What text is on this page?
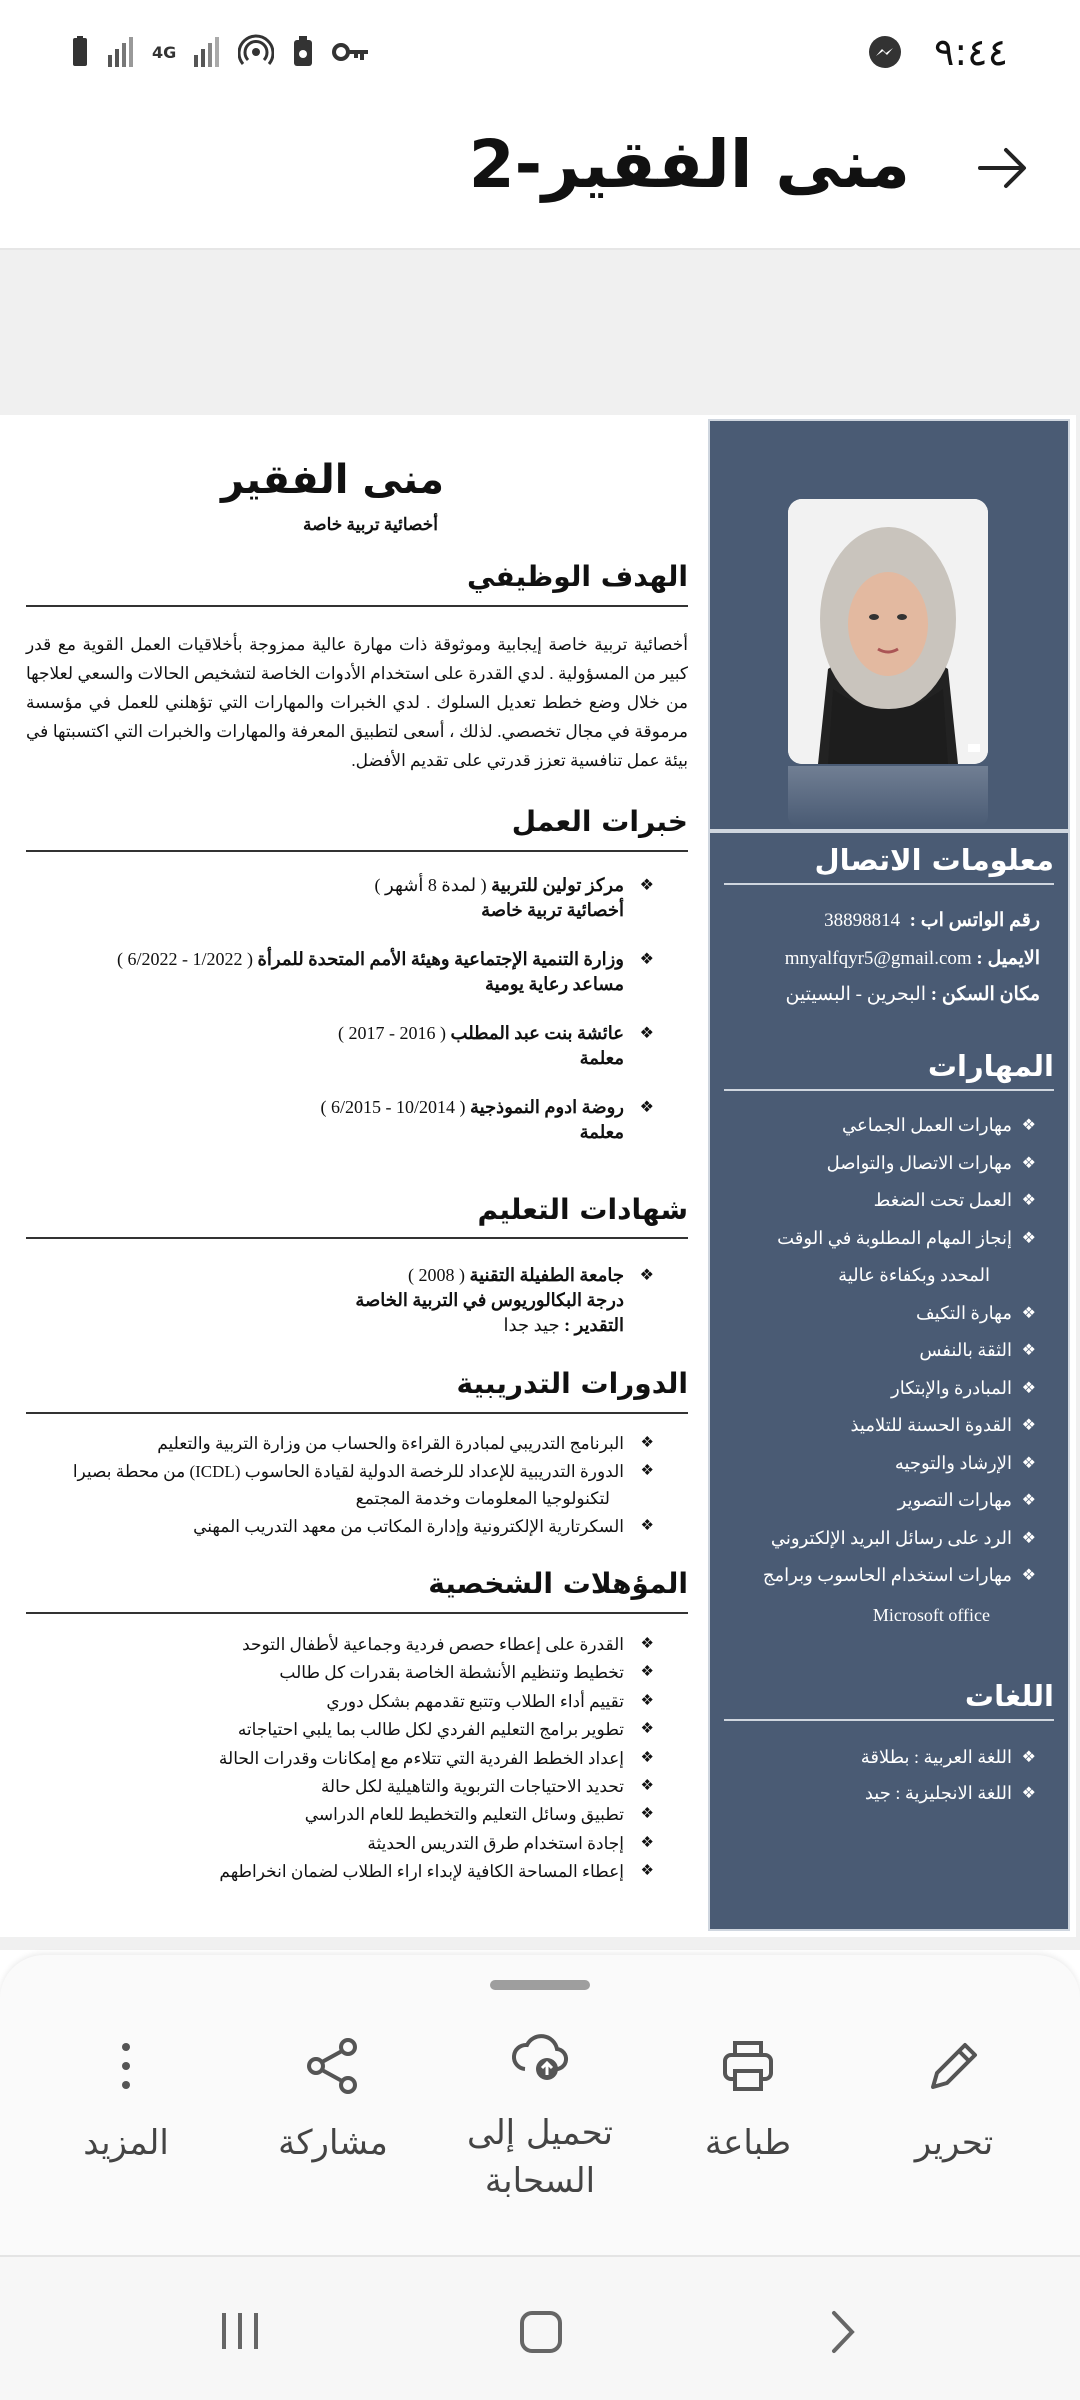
4G	٩:٤٤
منى الفقير-2
معلومات الاتصال
رقم الواتس اب :  38898814
الايميل : mnyalfqyr5@gmail.com
مكان السكن : البحرين - البسيتين
المهارات
❖
مهارات العمل الجماعي
❖
مهارات الاتصال والتواصل
❖
العمل تحت الضغط
❖
إنجاز المهام المطلوبة في الوقت
المحدد وبكفاءة عالية
❖
مهارة التكيف
❖
الثقة بالنفس
❖
المبادرة والإبتكار
❖
القدوة الحسنة للتلاميذ
❖
الإرشاد والتوجيه
❖
مهارات التصوير
❖
الرد على رسائل البريد الإلكتروني
❖
مهارات استخدام الحاسوب وبرامج
Microsoft office
اللغات
❖
اللغة العربية : بطلاقة
❖
اللغة الانجليزية : جيد
منى الفقير
أخصائية تربية خاصة
الهدف الوظيفي
أخصائية تربية خاصة إيجابية وموثوقة ذات مهارة عالية ممزوجة بأخلاقيات العمل القوية مع قدر كبير من المسؤولية . لدي القدرة على استخدام الأدوات الخاصة لتشخيص الحالات والسعي لعلاجها من خلال وضع خطط تعديل السلوك . لدي الخبرات والمهارات التي تؤهلني للعمل في مؤسسة مرموقة في مجال تخصصي. لذلك ، أسعى لتطبيق المعرفة والمهارات والخبرات التي اكتسبتها في بيئة عمل تنافسية تعزز قدرتي على تقديم الأفضل.
خبرات العمل
❖
مركز تولين للتربية ( لمدة 8 أشهر )
أخصائية تربية خاصة
❖
وزارة التنمية الإجتماعية وهيئة الأمم المتحدة للمرأة ( 1/2022 - 6/2022 )
مساعد رعاية يومية
❖
عائشة بنت عبد المطلب ( 2016 - 2017 )
معلمة
❖
روضة ادوم النموذجية ( 10/2014 - 6/2015 )
معلمة
شهادات التعليم
❖
جامعة الطفيلة التقنية ( 2008 )
درجة البكالوريوس في التربية الخاصة
التقدير : جيد جدا
الدورات التدريبية
❖
البرنامج التدريبي لمبادرة القراءة والحساب من وزارة التربية والتعليم
❖
الدورة التدريبية للإعداد للرخصة الدولية لقيادة الحاسوب (ICDL) من محطة بصيرا
لتكنولوجيا المعلومات وخدمة المجتمع
❖
السكرتارية الإلكترونية وإدارة المكاتب من معهد التدريب المهني
المؤهلات الشخصية
❖
القدرة على إعطاء حصص فردية وجماعية لأطفال التوحد
❖
تخطيط وتنظيم الأنشطة الخاصة بقدرات كل طالب
❖
تقييم أداء الطلاب وتتبع تقدمهم بشكل دوري
❖
تطوير برامج التعليم الفردي لكل طالب بما يلبي احتياجاته
❖
إعداد الخطط الفردية التي تتلاءم مع إمكانات وقدرات الحالة
❖
تحديد الاحتياجات التربوية والتاهيلية لكل حالة
❖
تطبيق وسائل التعليم والتخطيط للعام الدراسي
❖
إجادة استخدام طرق التدريس الحديثة
❖
إعطاء المساحة الكافية لإبداء اراء الطلاب لضمان انخراطهم
تحرير
طباعة
تحميل إلى
السحابة
مشاركة
المزيد
